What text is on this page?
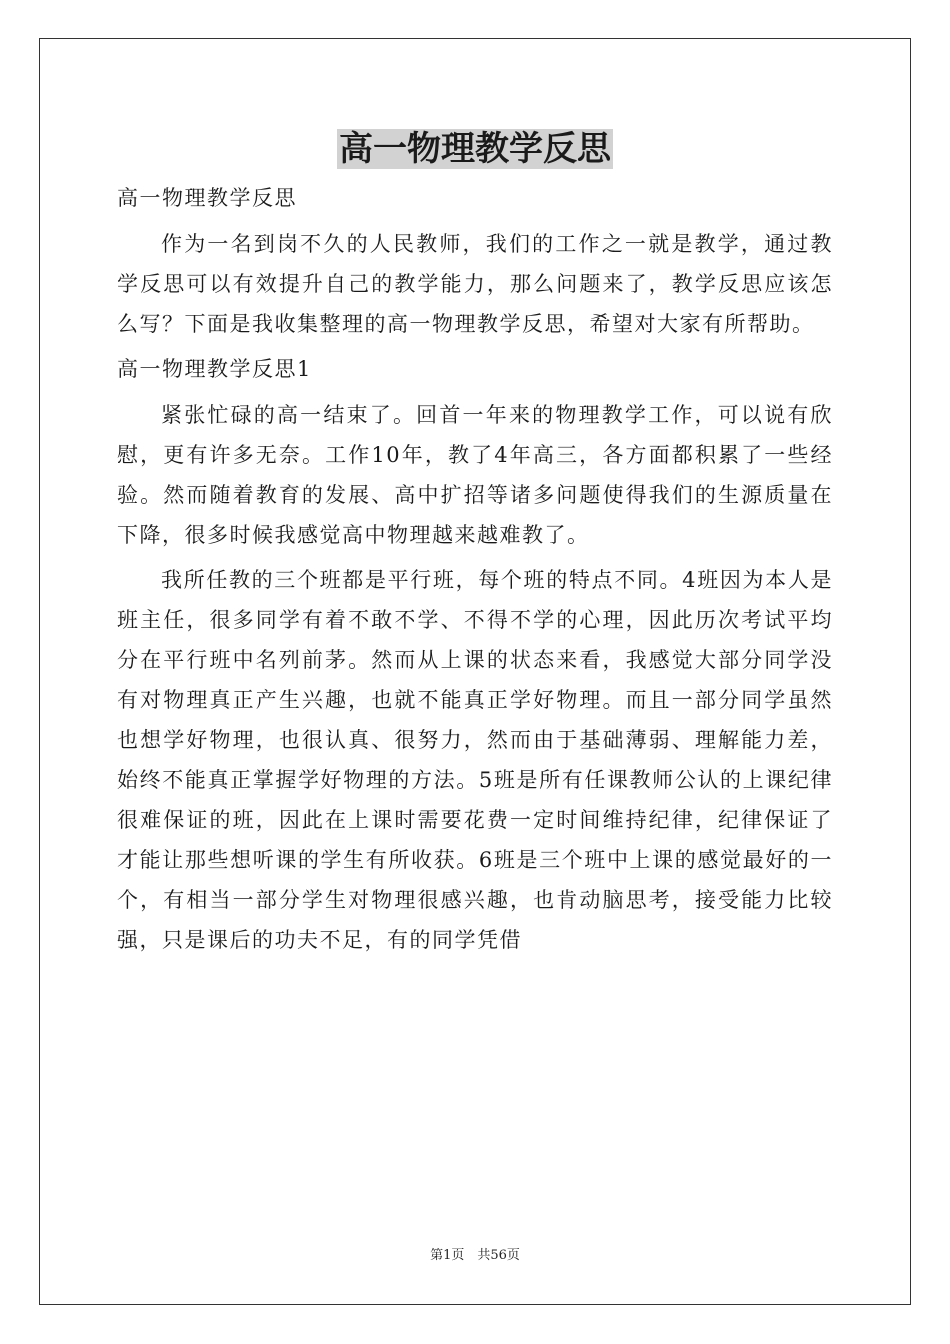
高一物理教学反思

高一物理教学反思

作为一名到岗不久的人民教师，我们的工作之一就是教学，通过教学反思可以有效提升自己的教学能力，那么问题来了，教学反思应该怎么写？下面是我收集整理的高一物理教学反思，希望对大家有所帮助。

高一物理教学反思1

紧张忙碌的高一结束了。回首一年来的物理教学工作，可以说有欣慰，更有许多无奈。工作10年，教了4年高三，各方面都积累了一些经验。然而随着教育的发展、高中扩招等诸多问题使得我们的生源质量在下降，很多时候我感觉高中物理越来越难教了。

我所任教的三个班都是平行班，每个班的特点不同。4班因为本人是班主任，很多同学有着不敢不学、不得不学的心理，因此历次考试平均分在平行班中名列前茅。然而从上课的状态来看，我感觉大部分同学没有对物理真正产生兴趣，也就不能真正学好物理。而且一部分同学虽然也想学好物理，也很认真、很努力，然而由于基础薄弱、理解能力差，始终不能真正掌握学好物理的方法。5班是所有任课教师公认的上课纪律很难保证的班，因此在上课时需要花费一定时间维持纪律，纪律保证了才能让那些想听课的学生有所收获。6班是三个班中上课的感觉最好的一个，有相当一部分学生对物理很感兴趣，也肯动脑思考，接受能力比较强，只是课后的功夫不足，有的同学凭借

第1页　共56页
